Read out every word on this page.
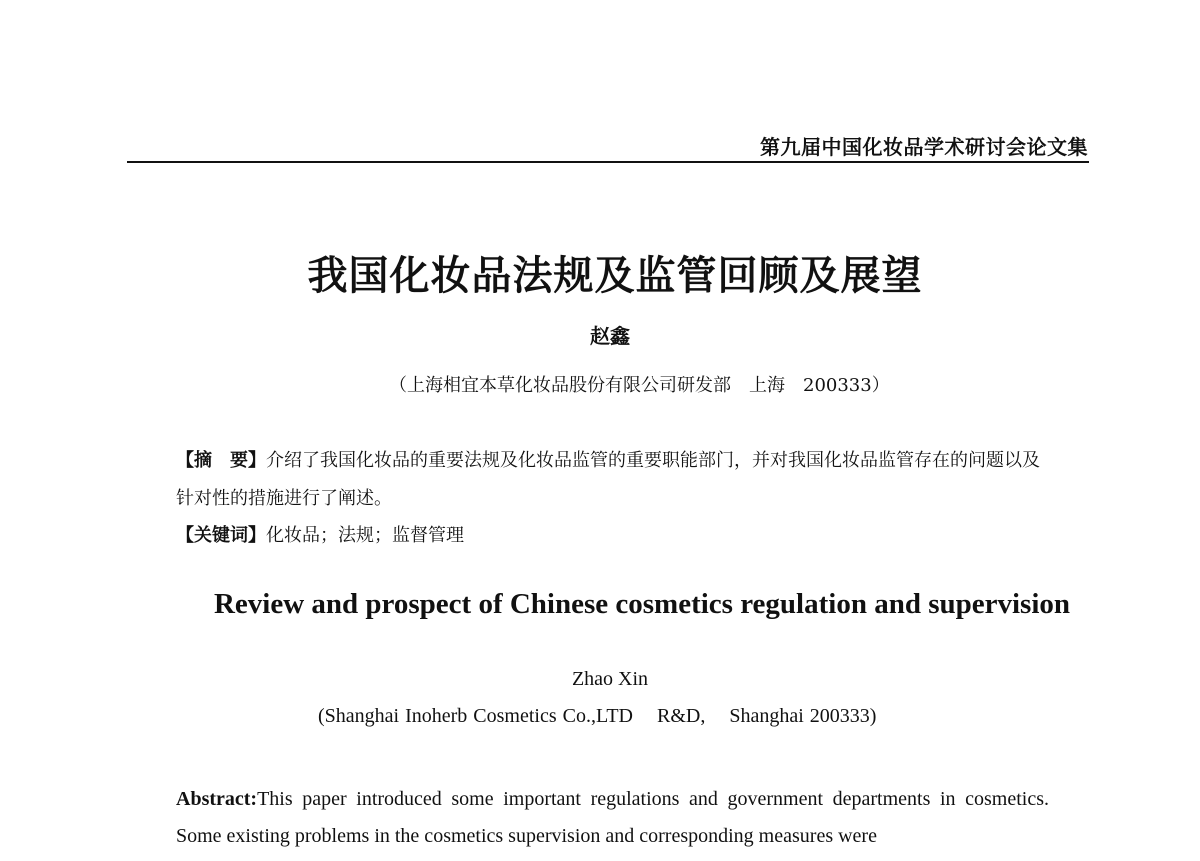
第九届中国化妆品学术研讨会论文集
我国化妆品法规及监管回顾及展望
赵鑫
（上海相宜本草化妆品股份有限公司研发部　上海　200333）
【摘　要】介绍了我国化妆品的重要法规及化妆品监管的重要职能部门，并对我国化妆品监管存在的问题以及针对性的措施进行了阐述。
【关键词】化妆品；法规；监督管理
Review and prospect of Chinese cosmetics regulation and supervision
Zhao Xin
(Shanghai Inoherb Cosmetics Co.,LTD    R&D,    Shanghai 200333)
Abstract:This paper introduced some important regulations and government departments in cosmetics. Some existing problems in the cosmetics supervision and corresponding measures were
